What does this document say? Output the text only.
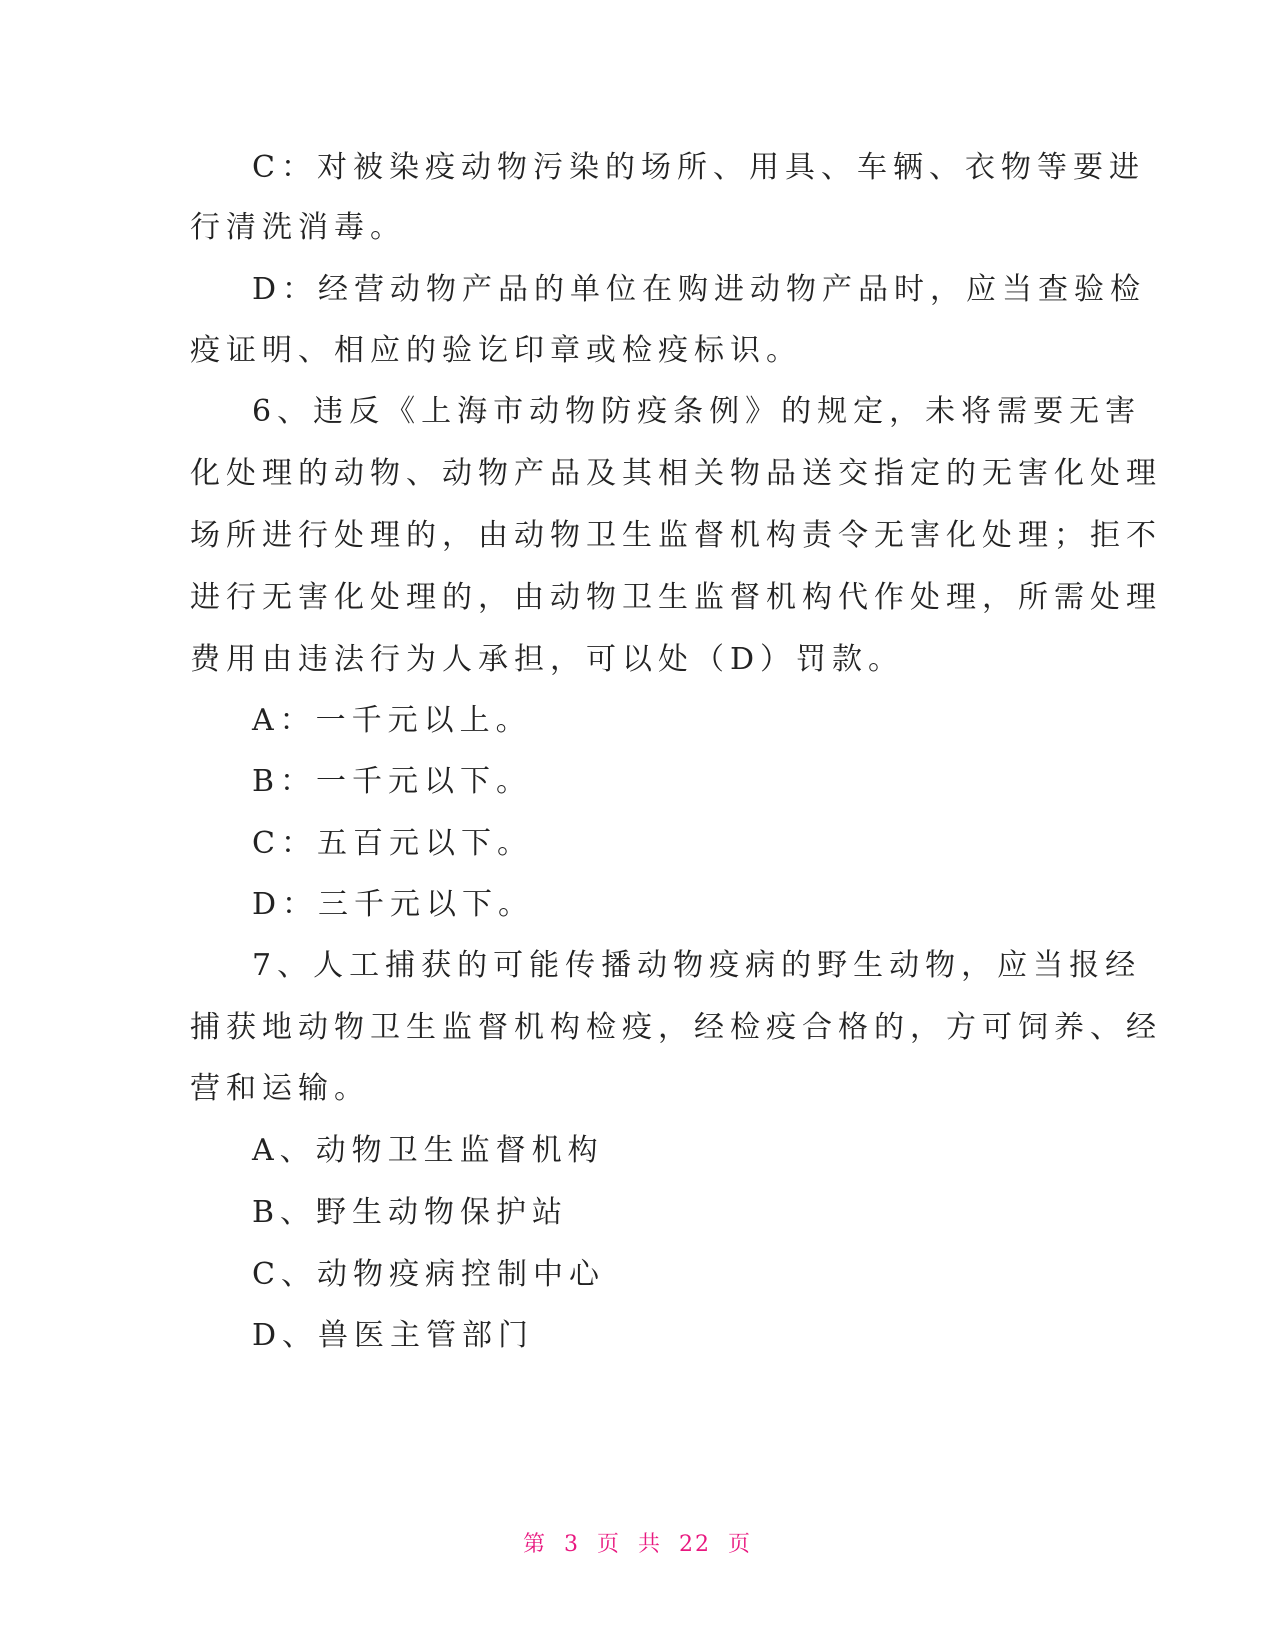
C：对被染疫动物污染的场所、用具、车辆、衣物等要进
行清洗消毒。
D：经营动物产品的单位在购进动物产品时，应当查验检
疫证明、相应的验讫印章或检疫标识。
6、违反《上海市动物防疫条例》的规定，未将需要无害
化处理的动物、动物产品及其相关物品送交指定的无害化处理
场所进行处理的，由动物卫生监督机构责令无害化处理；拒不
进行无害化处理的，由动物卫生监督机构代作处理，所需处理
费用由违法行为人承担，可以处（D）罚款。
A：一千元以上。
B：一千元以下。
C：五百元以下。
D：三千元以下。
7、人工捕获的可能传播动物疫病的野生动物，应当报经
捕获地动物卫生监督机构检疫，经检疫合格的，方可饲养、经
营和运输。
A、动物卫生监督机构
B、野生动物保护站
C、动物疫病控制中心
D、兽医主管部门
第 3 页 共 22 页
